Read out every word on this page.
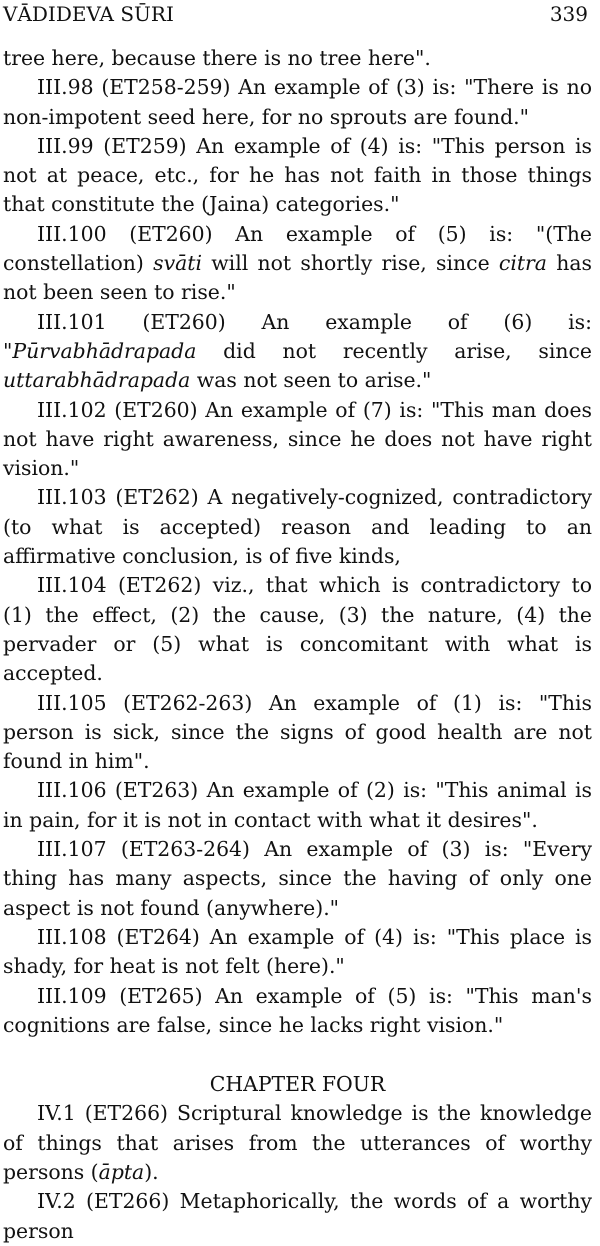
VĀDIDEVA SŪRI	339

tree here, because there is no tree here".

III.98 (ET258-259) An example of (3) is: "There is no non-impotent seed here, for no sprouts are found."

III.99 (ET259) An example of (4) is: "This person is not at peace, etc., for he has not faith in those things that constitute the (Jaina) categories."

III.100 (ET260) An example of (5) is: "(The constellation) svāti will not shortly rise, since citra has not been seen to rise."

III.101 (ET260) An example of (6) is: "Pūrvabhādrapada did not recently arise, since uttarabhādrapada was not seen to arise."

III.102 (ET260) An example of (7) is: "This man does not have right awareness, since he does not have right vision."

III.103 (ET262) A negatively-cognized, contradictory (to what is accepted) reason and leading to an affirmative conclusion, is of five kinds,

III.104 (ET262) viz., that which is contradictory to (1) the effect, (2) the cause, (3) the nature, (4) the pervader or (5) what is concomitant with what is accepted.

III.105 (ET262-263) An example of (1) is: "This person is sick, since the signs of good health are not found in him".

III.106 (ET263) An example of (2) is: "This animal is in pain, for it is not in contact with what it desires".

III.107 (ET263-264) An example of (3) is: "Every thing has many aspects, since the having of only one aspect is not found (anywhere)."

III.108 (ET264) An example of (4) is: "This place is shady, for heat is not felt (here)."

III.109 (ET265) An example of (5) is: "This man's cognitions are false, since he lacks right vision."

CHAPTER FOUR

IV.1 (ET266) Scriptural knowledge is the knowledge of things that arises from the utterances of worthy persons (āpta).

IV.2 (ET266) Metaphorically, the words of a worthy person
